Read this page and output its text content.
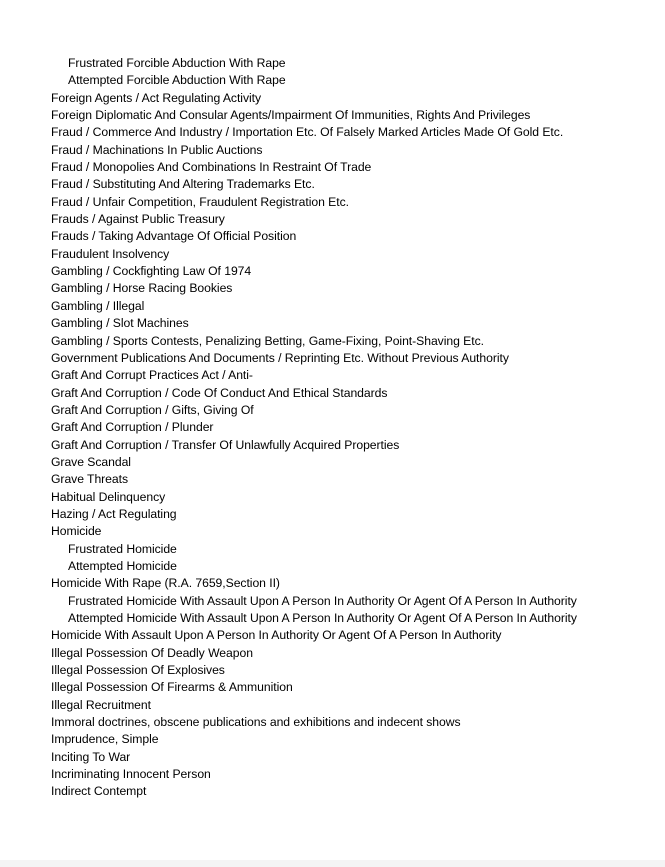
Frustrated Forcible Abduction With Rape
Attempted Forcible Abduction With Rape
Foreign Agents / Act Regulating Activity
Foreign Diplomatic And Consular Agents/Impairment Of Immunities, Rights And Privileges
Fraud / Commerce And Industry / Importation Etc. Of Falsely Marked Articles Made Of Gold Etc.
Fraud / Machinations In Public Auctions
Fraud / Monopolies And Combinations In Restraint Of Trade
Fraud / Substituting And Altering Trademarks Etc.
Fraud / Unfair Competition, Fraudulent Registration Etc.
Frauds / Against Public Treasury
Frauds / Taking Advantage Of Official Position
Fraudulent Insolvency
Gambling / Cockfighting Law Of 1974
Gambling / Horse Racing Bookies
Gambling / Illegal
Gambling / Slot Machines
Gambling / Sports Contests, Penalizing Betting, Game-Fixing, Point-Shaving Etc.
Government Publications And Documents / Reprinting Etc. Without Previous Authority
Graft And Corrupt Practices Act / Anti-
Graft And Corruption / Code Of Conduct And Ethical Standards
Graft And Corruption / Gifts, Giving Of
Graft And Corruption / Plunder
Graft And Corruption / Transfer Of Unlawfully Acquired Properties
Grave Scandal
Grave Threats
Habitual Delinquency
Hazing / Act Regulating
Homicide
Frustrated Homicide
Attempted Homicide
Homicide With Rape (R.A. 7659,Section II)
Frustrated Homicide With Assault Upon A Person In Authority Or Agent Of A Person In Authority
Attempted Homicide With Assault Upon A Person In Authority Or Agent Of A Person In Authority
Homicide With Assault Upon A Person In Authority Or Agent Of A Person In Authority
Illegal Possession Of Deadly Weapon
Illegal Possession Of Explosives
Illegal Possession Of Firearms & Ammunition
Illegal Recruitment
Immoral doctrines, obscene publications and exhibitions and indecent shows
Imprudence, Simple
Inciting To War
Incriminating Innocent Person
Indirect Contempt
